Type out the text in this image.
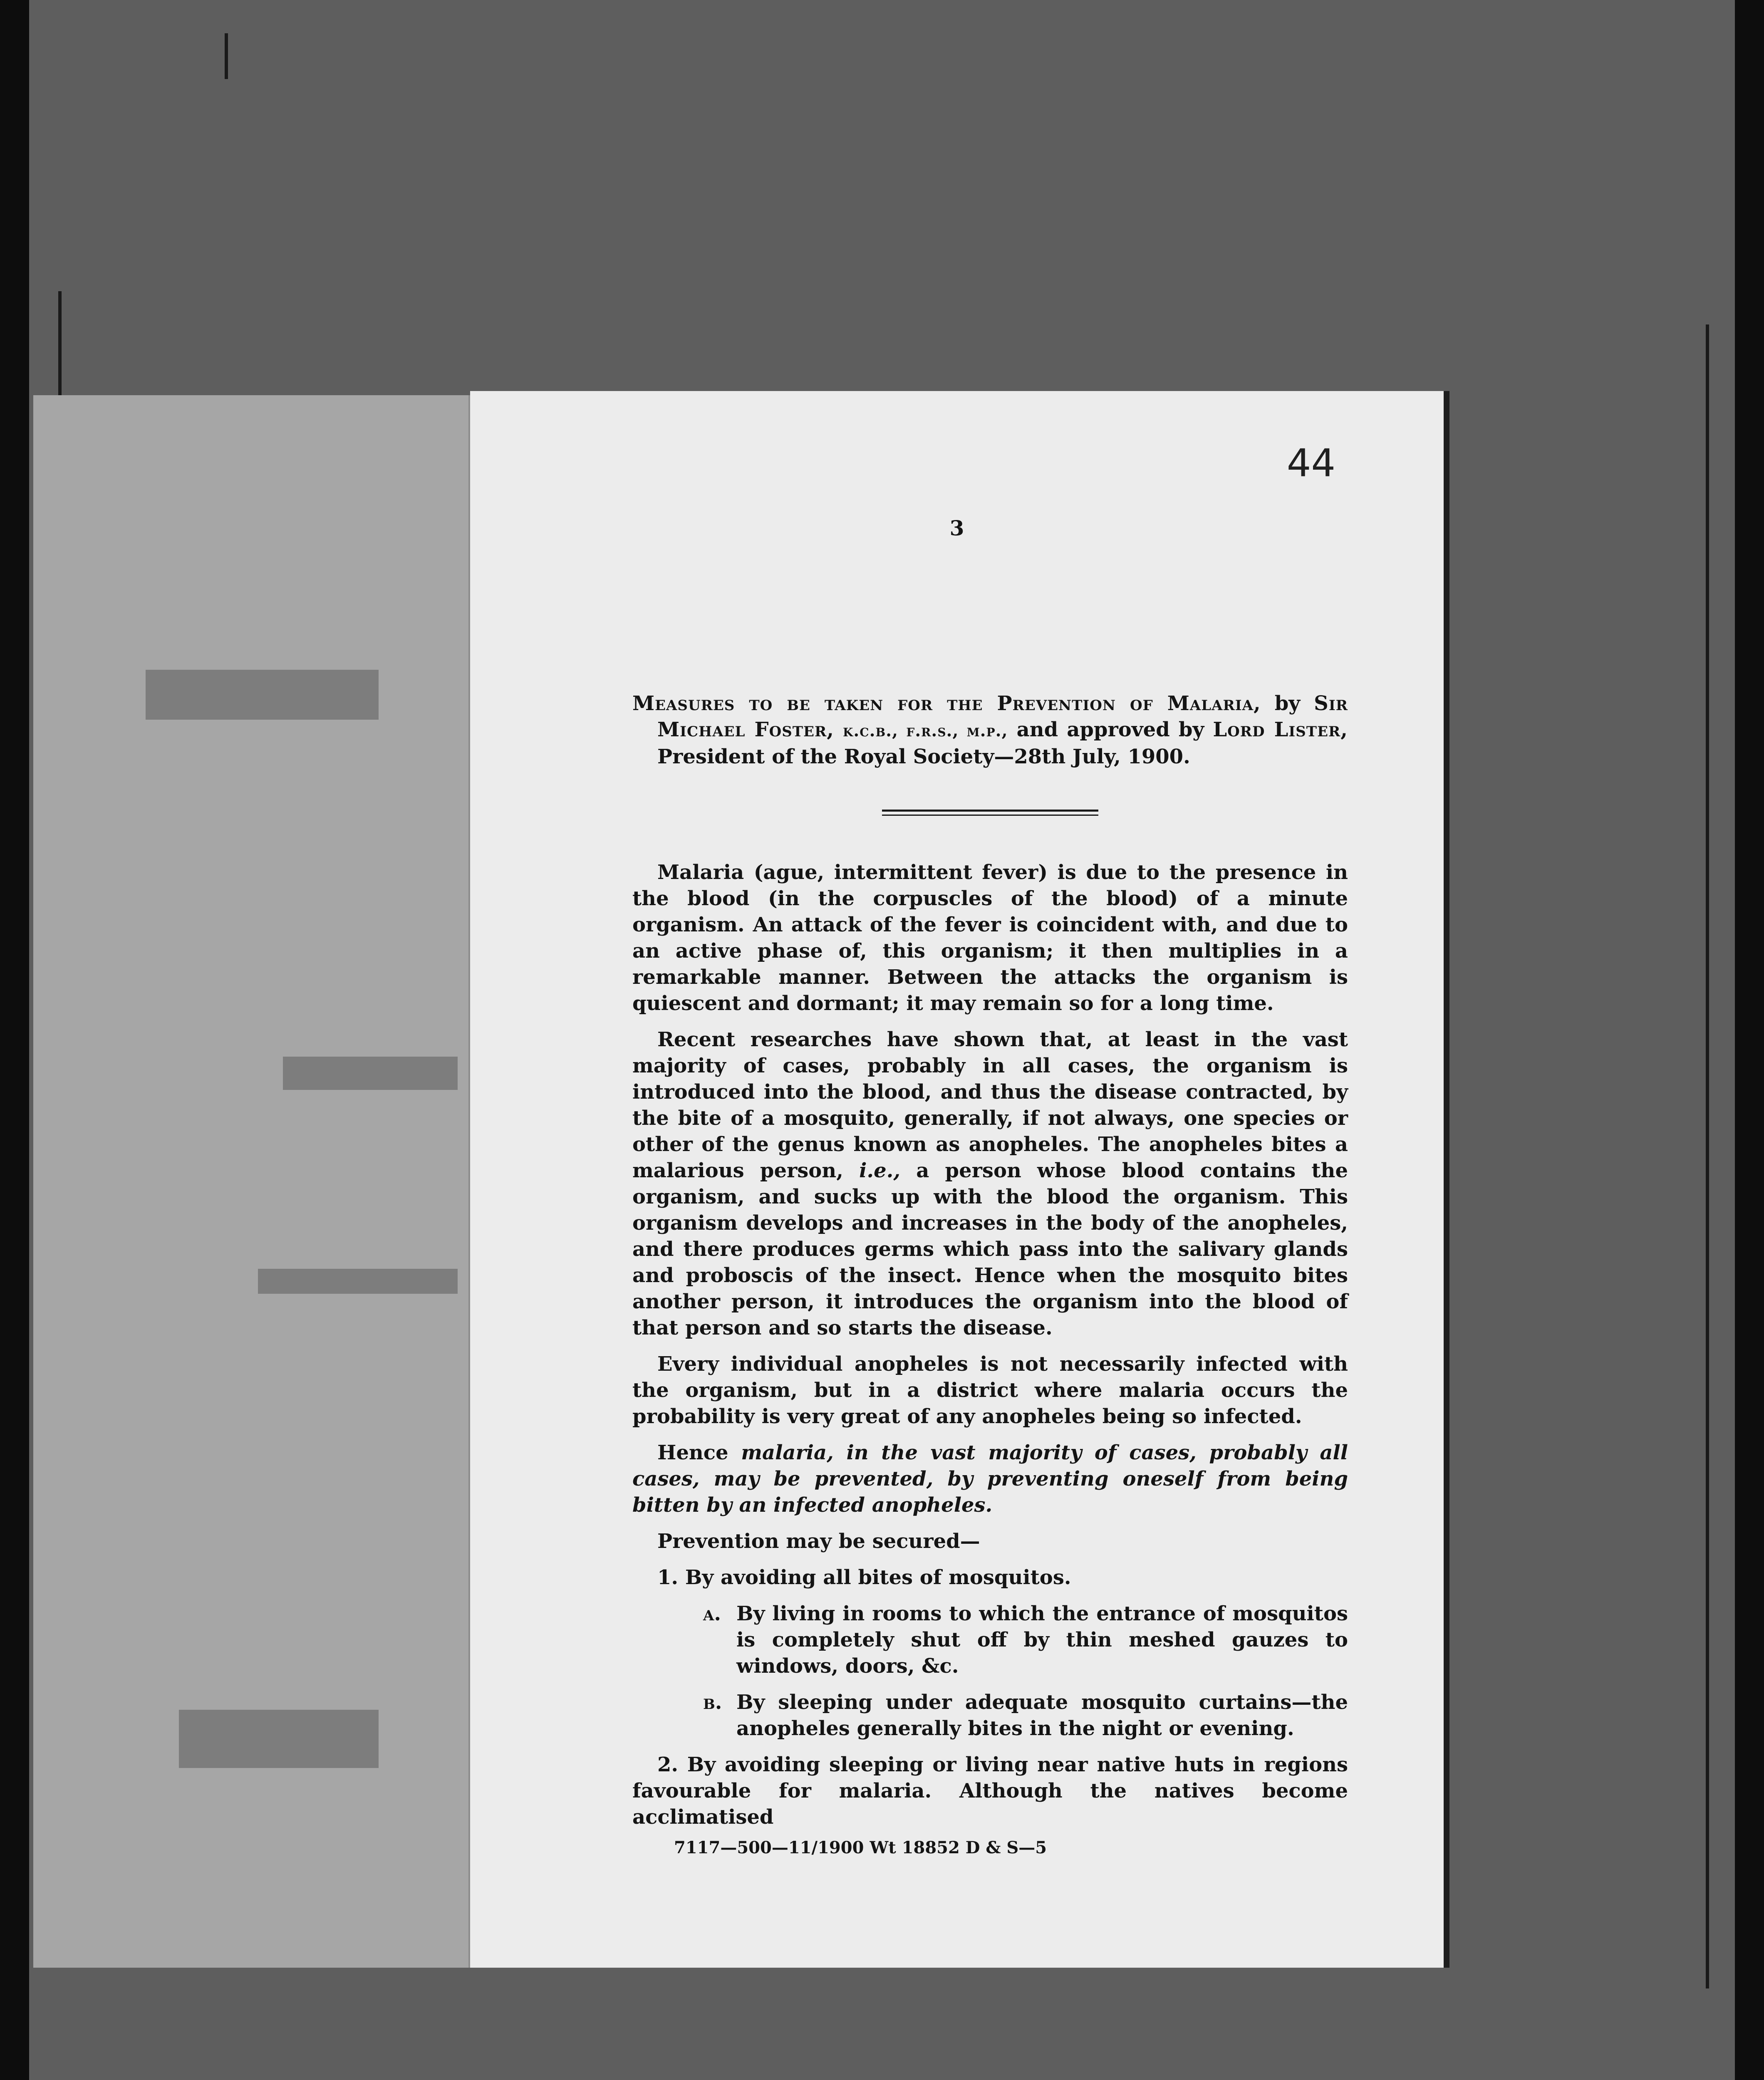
44
3
Measures to be taken for the Prevention of Malaria, by Sir Michael Foster, k.c.b., f.r.s., m.p., and approved by Lord Lister, President of the Royal Society—28th July, 1900.

Malaria (ague, intermittent fever) is due to the presence in the blood (in the corpuscles of the blood) of a minute organism. An attack of the fever is coincident with, and due to an active phase of, this organism; it then multiplies in a remarkable manner. Between the attacks the organism is quiescent and dormant; it may remain so for a long time.

Recent researches have shown that, at least in the vast majority of cases, probably in all cases, the organism is introduced into the blood, and thus the disease contracted, by the bite of a mosquito, generally, if not always, one species or other of the genus known as anopheles. The anopheles bites a malarious person, i.e., a person whose blood contains the organism, and sucks up with the blood the organism. This organism develops and increases in the body of the anopheles, and there produces germs which pass into the salivary glands and proboscis of the insect. Hence when the mosquito bites another person, it introduces the organism into the blood of that person and so starts the disease.

Every individual anopheles is not necessarily infected with the organism, but in a district where malaria occurs the probability is very great of any anopheles being so infected.

Hence malaria, in the vast majority of cases, probably all cases, may be prevented, by preventing oneself from being bitten by an infected anopheles.

Prevention may be secured—

1. By avoiding all bites of mosquitos.
a. By living in rooms to which the entrance of mosquitos is completely shut off by thin meshed gauzes to windows, doors, &c.
b. By sleeping under adequate mosquito curtains—the anopheles generally bites in the night or evening.

2. By avoiding sleeping or living near native huts in regions favourable for malaria. Although the natives become acclimatised

7117—500—11/1900 Wt 18852 D & S—5
